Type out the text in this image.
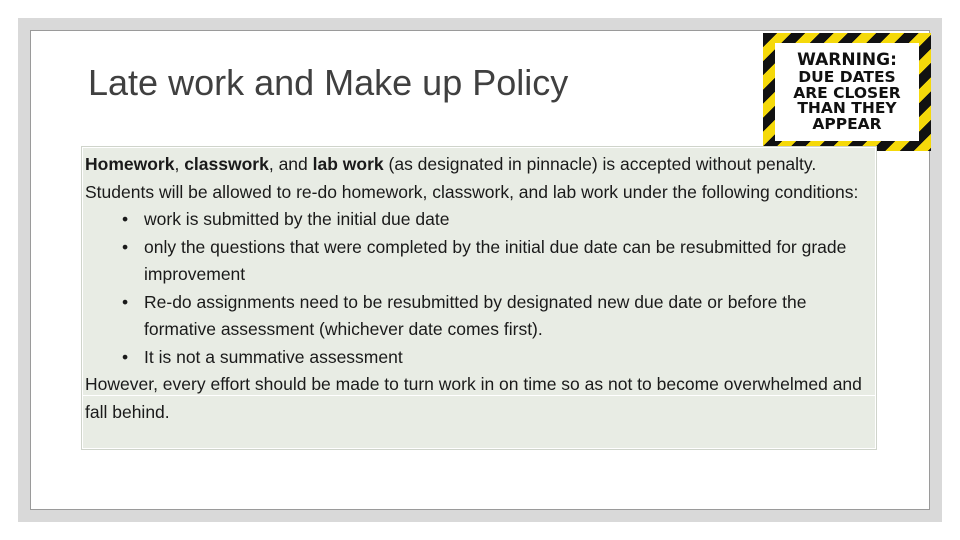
Late work and Make up Policy
WARNING:
DUE DATES
ARE CLOSER
THAN THEY
APPEAR

Homework, classwork, and lab work (as designated in pinnacle) is accepted without penalty. Students will be allowed to re-do homework, classwork, and lab work under the following conditions:

• work is submitted by the initial due date
• only the questions that were completed by the initial due date can be resubmitted for grade improvement
• Re-do assignments need to be resubmitted by designated new due date or before the formative assessment (whichever date comes first).
• It is not a summative assessment

However, every effort should be made to turn work in on time so as not to become overwhelmed and fall behind.
